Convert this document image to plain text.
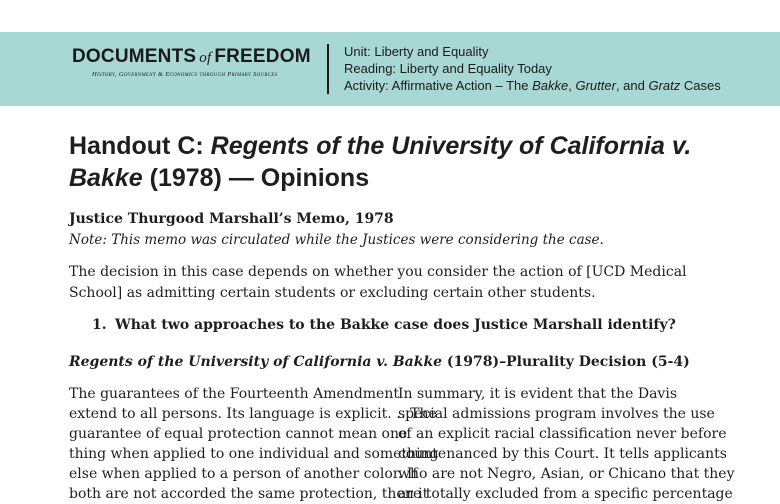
DOCUMENTS of FREEDOM
History, Government & Economics through Primary Sources
Unit: Liberty and Equality
Reading: Liberty and Equality Today
Activity: Affirmative Action – The Bakke, Grutter, and Gratz Cases
Handout C: Regents of the University of California v.
Bakke (1978) — Opinions
Justice Thurgood Marshall’s Memo, 1978
Note: This memo was circulated while the Justices were considering the case.
The decision in this case depends on whether you consider the action of [UCD Medical School] as admitting certain students or excluding certain other students.
1. What two approaches to the Bakke case does Justice Marshall identify?
Regents of the University of California v. Bakke (1978)–Plurality Decision (5-4)
The guarantees of the Fourteenth Amendment
extend to all persons. Its language is explicit. …The
guarantee of equal protection cannot mean one
thing when applied to one individual and something
else when applied to a person of another color. If
both are not accorded the same protection, then it
In summary, it is evident that the Davis
special admissions program involves the use
of an explicit racial classification never before
countenanced by this Court. It tells applicants
who are not Negro, Asian, or Chicano that they
are totally excluded from a specific percentage
